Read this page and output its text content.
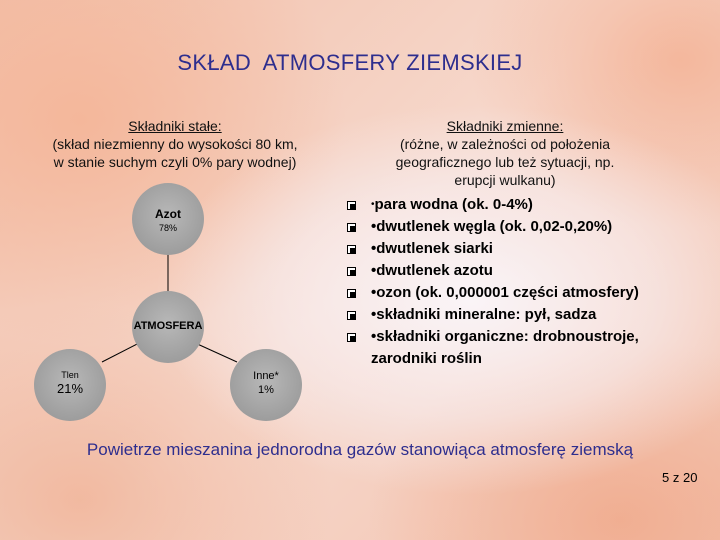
SKŁAD  ATMOSFERY ZIEMSKIEJ
Składniki stałe:
(skład niezmienny do wysokości 80 km,
w stanie suchym czyli 0% pary wodnej)
Składniki zmienne:
(różne, w zależności od położenia
geograficznego lub też sytuacji, np.
erupcji wulkanu)
Azot
78%
ATMOSFERA
Tlen
21%
Inne*
1%
•para wodna (ok. 0-4%)
•dwutlenek węgla (ok. 0,02-0,20%)
•dwutlenek siarki
•dwutlenek azotu
•ozon (ok. 0,000001 części atmosfery)
•składniki mineralne: pył, sadza
•składniki organiczne: drobnoustroje,
zarodniki roślin
Powietrze mieszanina jednorodna gazów stanowiąca atmosferę ziemską
5 z 20
